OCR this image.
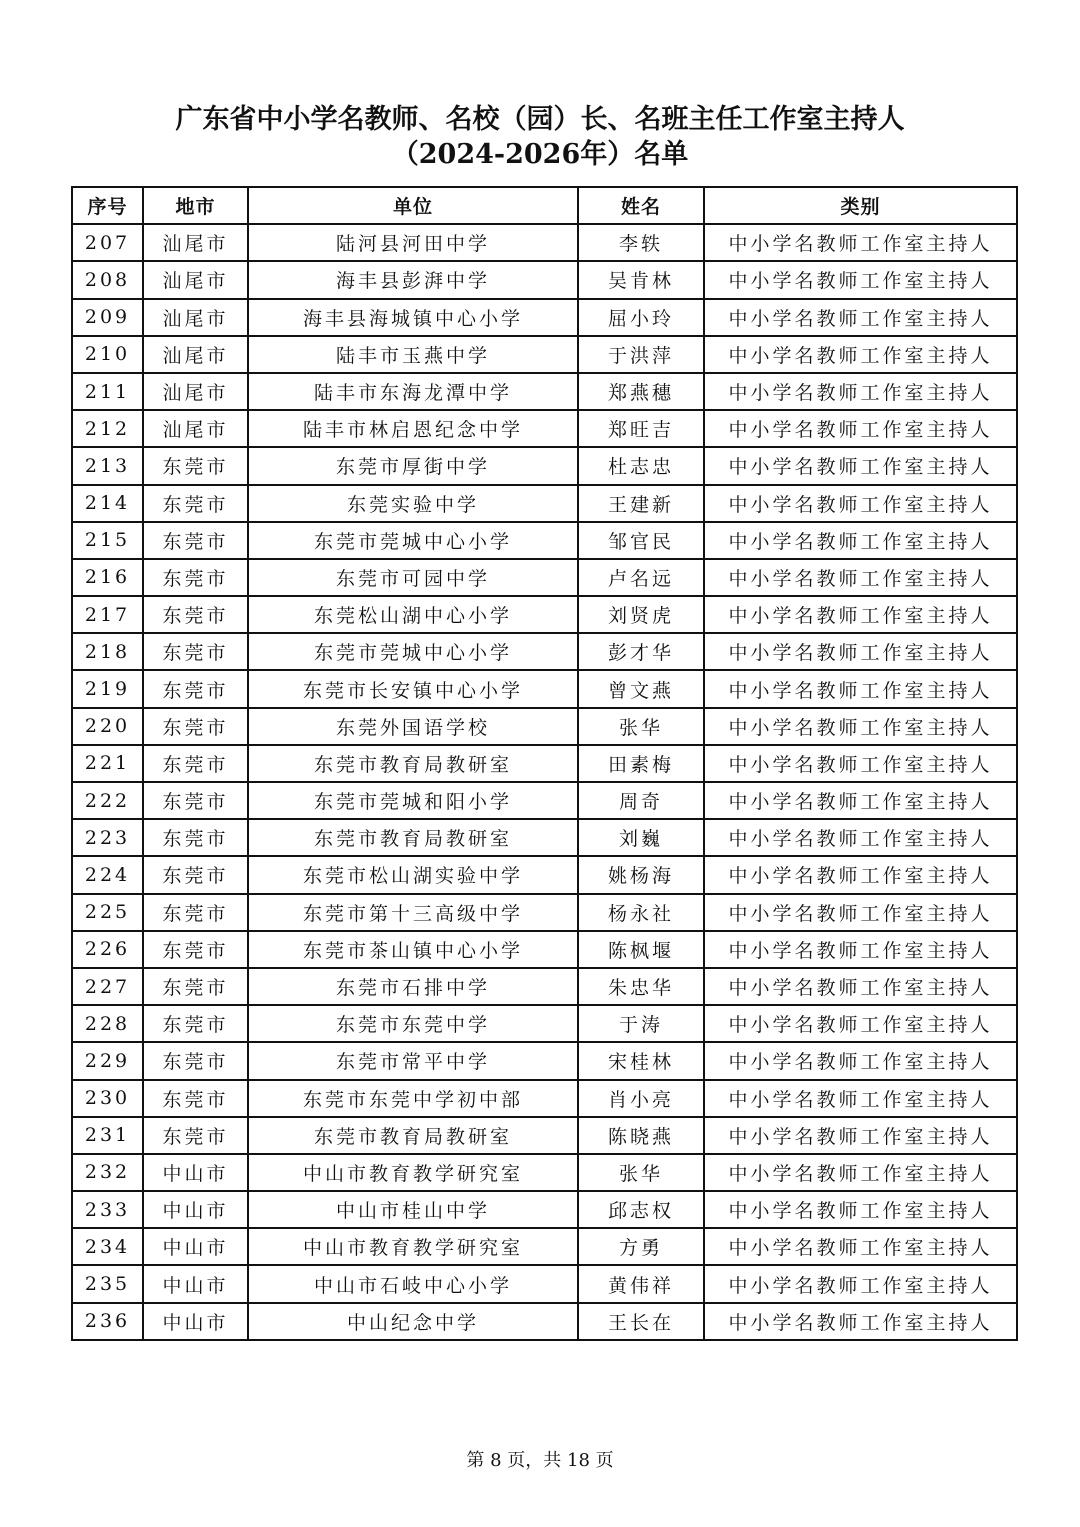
广东省中小学名教师、名校（园）长、名班主任工作室主持人
（2024-2026年）名单
序号	地市	单位	姓名	类别
207	汕尾市	陆河县河田中学	李轶	中小学名教师工作室主持人
208	汕尾市	海丰县彭湃中学	吴肯林	中小学名教师工作室主持人
209	汕尾市	海丰县海城镇中心小学	屈小玲	中小学名教师工作室主持人
210	汕尾市	陆丰市玉燕中学	于洪萍	中小学名教师工作室主持人
211	汕尾市	陆丰市东海龙潭中学	郑燕穗	中小学名教师工作室主持人
212	汕尾市	陆丰市林启恩纪念中学	郑旺吉	中小学名教师工作室主持人
213	东莞市	东莞市厚街中学	杜志忠	中小学名教师工作室主持人
214	东莞市	东莞实验中学	王建新	中小学名教师工作室主持人
215	东莞市	东莞市莞城中心小学	邹官民	中小学名教师工作室主持人
216	东莞市	东莞市可园中学	卢名远	中小学名教师工作室主持人
217	东莞市	东莞松山湖中心小学	刘贤虎	中小学名教师工作室主持人
218	东莞市	东莞市莞城中心小学	彭才华	中小学名教师工作室主持人
219	东莞市	东莞市长安镇中心小学	曾文燕	中小学名教师工作室主持人
220	东莞市	东莞外国语学校	张华	中小学名教师工作室主持人
221	东莞市	东莞市教育局教研室	田素梅	中小学名教师工作室主持人
222	东莞市	东莞市莞城和阳小学	周奇	中小学名教师工作室主持人
223	东莞市	东莞市教育局教研室	刘巍	中小学名教师工作室主持人
224	东莞市	东莞市松山湖实验中学	姚杨海	中小学名教师工作室主持人
225	东莞市	东莞市第十三高级中学	杨永社	中小学名教师工作室主持人
226	东莞市	东莞市茶山镇中心小学	陈枫堰	中小学名教师工作室主持人
227	东莞市	东莞市石排中学	朱忠华	中小学名教师工作室主持人
228	东莞市	东莞市东莞中学	于涛	中小学名教师工作室主持人
229	东莞市	东莞市常平中学	宋桂林	中小学名教师工作室主持人
230	东莞市	东莞市东莞中学初中部	肖小亮	中小学名教师工作室主持人
231	东莞市	东莞市教育局教研室	陈晓燕	中小学名教师工作室主持人
232	中山市	中山市教育教学研究室	张华	中小学名教师工作室主持人
233	中山市	中山市桂山中学	邱志权	中小学名教师工作室主持人
234	中山市	中山市教育教学研究室	方勇	中小学名教师工作室主持人
235	中山市	中山市石岐中心小学	黄伟祥	中小学名教师工作室主持人
236	中山市	中山纪念中学	王长在	中小学名教师工作室主持人
第 8 页，共 18 页
